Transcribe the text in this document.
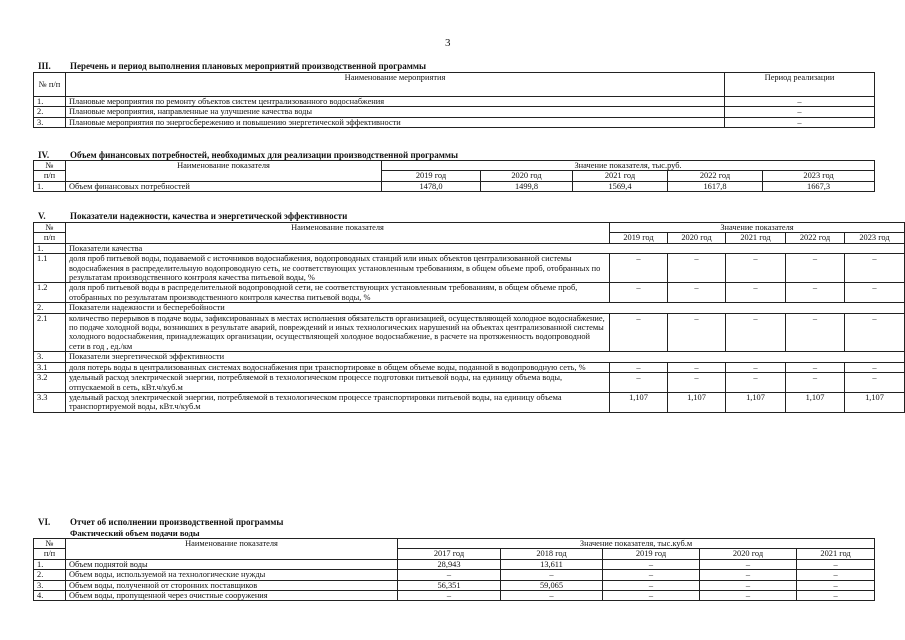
3
III. Перечень и период выполнения плановых мероприятий производственной программы
№ п/п	Наименование мероприятия	Период реализации
1.	Плановые мероприятия по ремонту объектов систем централизованного водоснабжения	–
2.	Плановые мероприятия, направленные на улучшение качества воды	–
3.	Плановые мероприятия по энергосбережению и повышению энергетической эффективности	–
IV. Объем финансовых потребностей, необходимых для реализации производственной программы
№	Наименование показателя	Значение показателя, тыс.руб.				
п/п		2019 год	2020 год	2021 год	2022 год	2023 год
1.	Объем финансовых потребностей	1478,0	1499,8	1569,4	1617,8	1667,3
V.	Показатели надежности, качества и энергетической эффективности
№	Наименование показателя	Значение показателя				
п/п		2019 год	2020 год	2021 год	2022 год	2023 год
1.	Показатели качества					
1.1	доля проб питьевой воды, подаваемой с источников водоснабжения, водопроводных станций или иных объектов централизованной системы водоснабжения в распределительную водопроводную сеть, не соответствующих установленным требованиям, в общем объеме проб, отобранных по результатам производственного контроля качества питьевой воды, %	–	–	–	–	–
1.2	доля проб питьевой воды в распределительной водопроводной сети, не соответствующих установленным требованиям, в общем объеме проб, отобранных по результатам производственного контроля качества питьевой воды, %	–	–	–	–	–
2.	Показатели надежности и бесперебойности					
2.1	количество перерывов в подаче воды, зафиксированных в местах исполнения обязательств организацией, осуществляющей холодное водоснабжение, по подаче холодной воды, возникших в результате аварий, повреждений и иных технологических нарушений на объектах централизованной системы холодного водоснабжения, принадлежащих организации, осуществляющей холодное водоснабжение, в расчете на протяженность водопроводной сети в год , ед./км	–	–	–	–	–
3.	Показатели энергетической эффективности					
3.1	доля потерь воды в централизованных системах водоснабжения при транспортировке в общем объеме воды, поданной в водопроводную сеть, %	–	–	–	–	–
3.2	удельный расход электрической энергии, потребляемой в технологическом процессе подготовки питьевой воды, на единицу объема воды, отпускаемой в сеть, кВт.ч/куб.м	–	–	–	–	–
3.3	удельный расход электрической энергии, потребляемой в технологическом процессе транспортировки питьевой воды, на единицу объема транспортируемой воды, кВт.ч/куб.м	1,107	1,107	1,107	1,107	1,107
VI. Отчет об исполнении производственной программы
Фактический объем подачи воды
№	Наименование показателя	Значение показателя, тыс.куб.м				
п/п		2017 год	2018 год	2019 год	2020 год	2021 год
1.	Объем поднятой воды	28,943	13,611	–	–	–
2.	Объем воды, используемой на технологические нужды	–	–	–	–	–
3.	Объем воды, полученной от сторонних поставщиков	56,351	59,065	–	–	–
4.	Объем воды, пропущенной через очистные сооружения	–	–	–	–	–
